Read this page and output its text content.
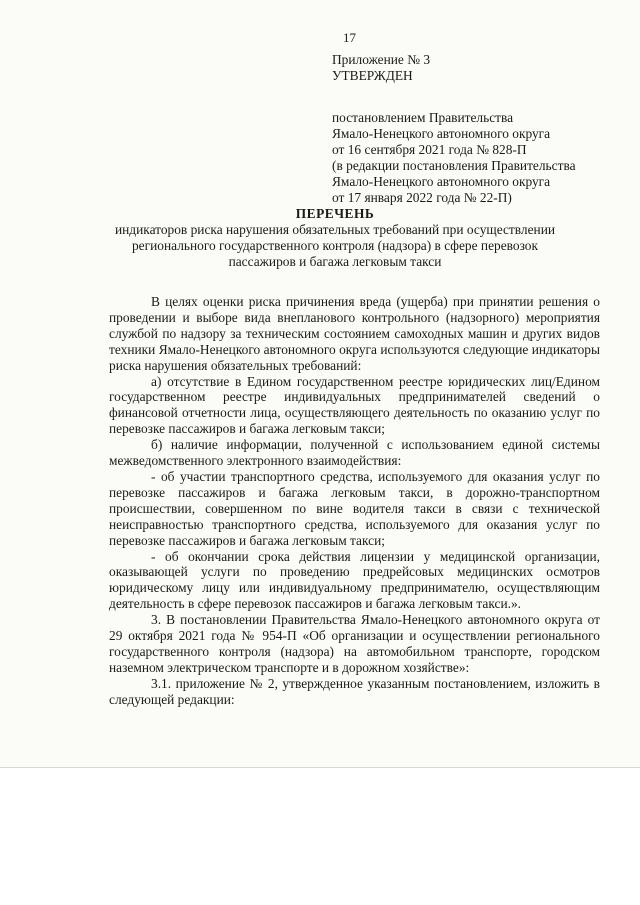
17
Приложение № 3
УТВЕРЖДЕН
постановлением Правительства
Ямало-Ненецкого автономного округа
от 16 сентября 2021 года № 828-П
(в редакции постановления Правительства
Ямало-Ненецкого автономного округа
от 17 января 2022 года № 22-П)
ПЕРЕЧЕНЬ
индикаторов риска нарушения обязательных требований при осуществлении
регионального государственного контроля (надзора) в сфере перевозок
пассажиров и багажа легковым такси

В целях оценки риска причинения вреда (ущерба) при принятии решения о проведении и выборе вида внепланового контрольного (надзорного) мероприятия службой по надзору за техническим состоянием самоходных машин и других видов техники Ямало-Ненецкого автономного округа используются следующие индикаторы риска нарушения обязательных требований:

а) отсутствие в Едином государственном реестре юридических лиц/Едином государственном реестре индивидуальных предпринимателей сведений о финансовой отчетности лица, осуществляющего деятельность по оказанию услуг по перевозке пассажиров и багажа легковым такси;

б) наличие информации, полученной с использованием единой системы межведомственного электронного взаимодействия:

- об участии транспортного средства, используемого для оказания услуг по перевозке пассажиров и багажа легковым такси, в дорожно-транспортном происшествии, совершенном по вине водителя такси в связи с технической неисправностью транспортного средства, используемого для оказания услуг по перевозке пассажиров и багажа легковым такси;

- об окончании срока действия лицензии у медицинской организации, оказывающей услуги по проведению предрейсовых медицинских осмотров юридическому лицу или индивидуальному предпринимателю, осуществляющим деятельность в сфере перевозок пассажиров и багажа легковым такси.».

3. В постановлении Правительства Ямало-Ненецкого автономного округа от 29 октября 2021 года № 954-П «Об организации и осуществлении регионального государственного контроля (надзора) на автомобильном транспорте, городском наземном электрическом транспорте и в дорожном хозяйстве»:

3.1. приложение № 2, утвержденное указанным постановлением, изложить в следующей редакции:
